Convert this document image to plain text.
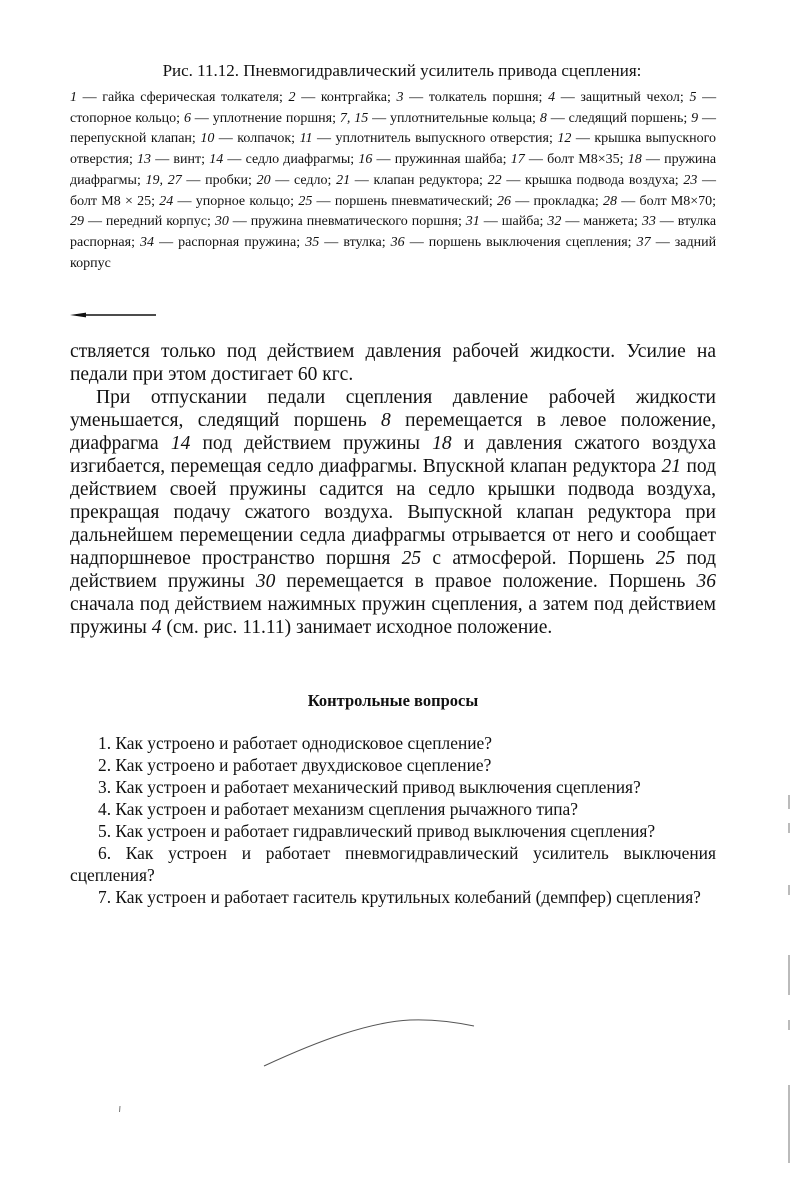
Рис. 11.12. Пневмогидравлический усилитель привода сцепления:

1 — гайка сферическая толкателя; 2 — контргайка; 3 — толкатель поршня; 4 — защитный чехол; 5 — стопорное кольцо; 6 — уплотнение поршня; 7, 15 — уплотнительные кольца; 8 — следящий поршень; 9 — перепускной клапан; 10 — колпачок; 11 — уплотнитель выпускного отверстия; 12 — крышка выпускного отверстия; 13 — винт; 14 — седло диафрагмы; 16 — пружинная шайба; 17 — болт M8×35; 18 — пружина диафрагмы; 19, 27 — пробки; 20 — седло; 21 — клапан редуктора; 22 — крышка подвода воздуха; 23 — болт M8 × 25; 24 — упорное кольцо; 25 — поршень пневматический; 26 — прокладка; 28 — болт M8×70; 29 — передний корпус; 30 — пружина пневматического поршня; 31 — шайба; 32 — манжета; 33 — втулка распорная; 34 — распорная пружина; 35 — втулка; 36 — поршень выключения сцепления; 37 — задний корпус

ствляется только под действием давления рабочей жидкости. Усилие на педали при этом достигает 60 кгс.

При отпускании педали сцепления давление рабочей жидкости уменьшается, следящий поршень 8 перемещается в левое положение, диафрагма 14 под действием пружины 18 и давления сжатого воздуха изгибается, перемещая седло диафрагмы. Впускной клапан редуктора 21 под действием своей пружины садится на седло крышки подвода воздуха, прекращая подачу сжатого воздуха. Выпускной клапан редуктора при дальнейшем перемещении седла диафрагмы отрывается от него и сообщает надпоршневое пространство поршня 25 с атмосферой. Поршень 25 под действием пружины 30 перемещается в правое положение. Поршень 36 сначала под действием нажимных пружин сцепления, а затем под действием пружины 4 (см. рис. 11.11) занимает исходное положение.

Контрольные вопросы

1. Как устроено и работает однодисковое сцепление?
2. Как устроено и работает двухдисковое сцепление?
3. Как устроен и работает механический привод выключения сцепления?
4. Как устроен и работает механизм сцепления рычажного типа?
5. Как устроен и работает гидравлический привод выключения сцепления?
6. Как устроен и работает пневмогидравлический усилитель выключения сцепления?
7. Как устроен и работает гаситель крутильных колебаний (демпфер) сцепления?
